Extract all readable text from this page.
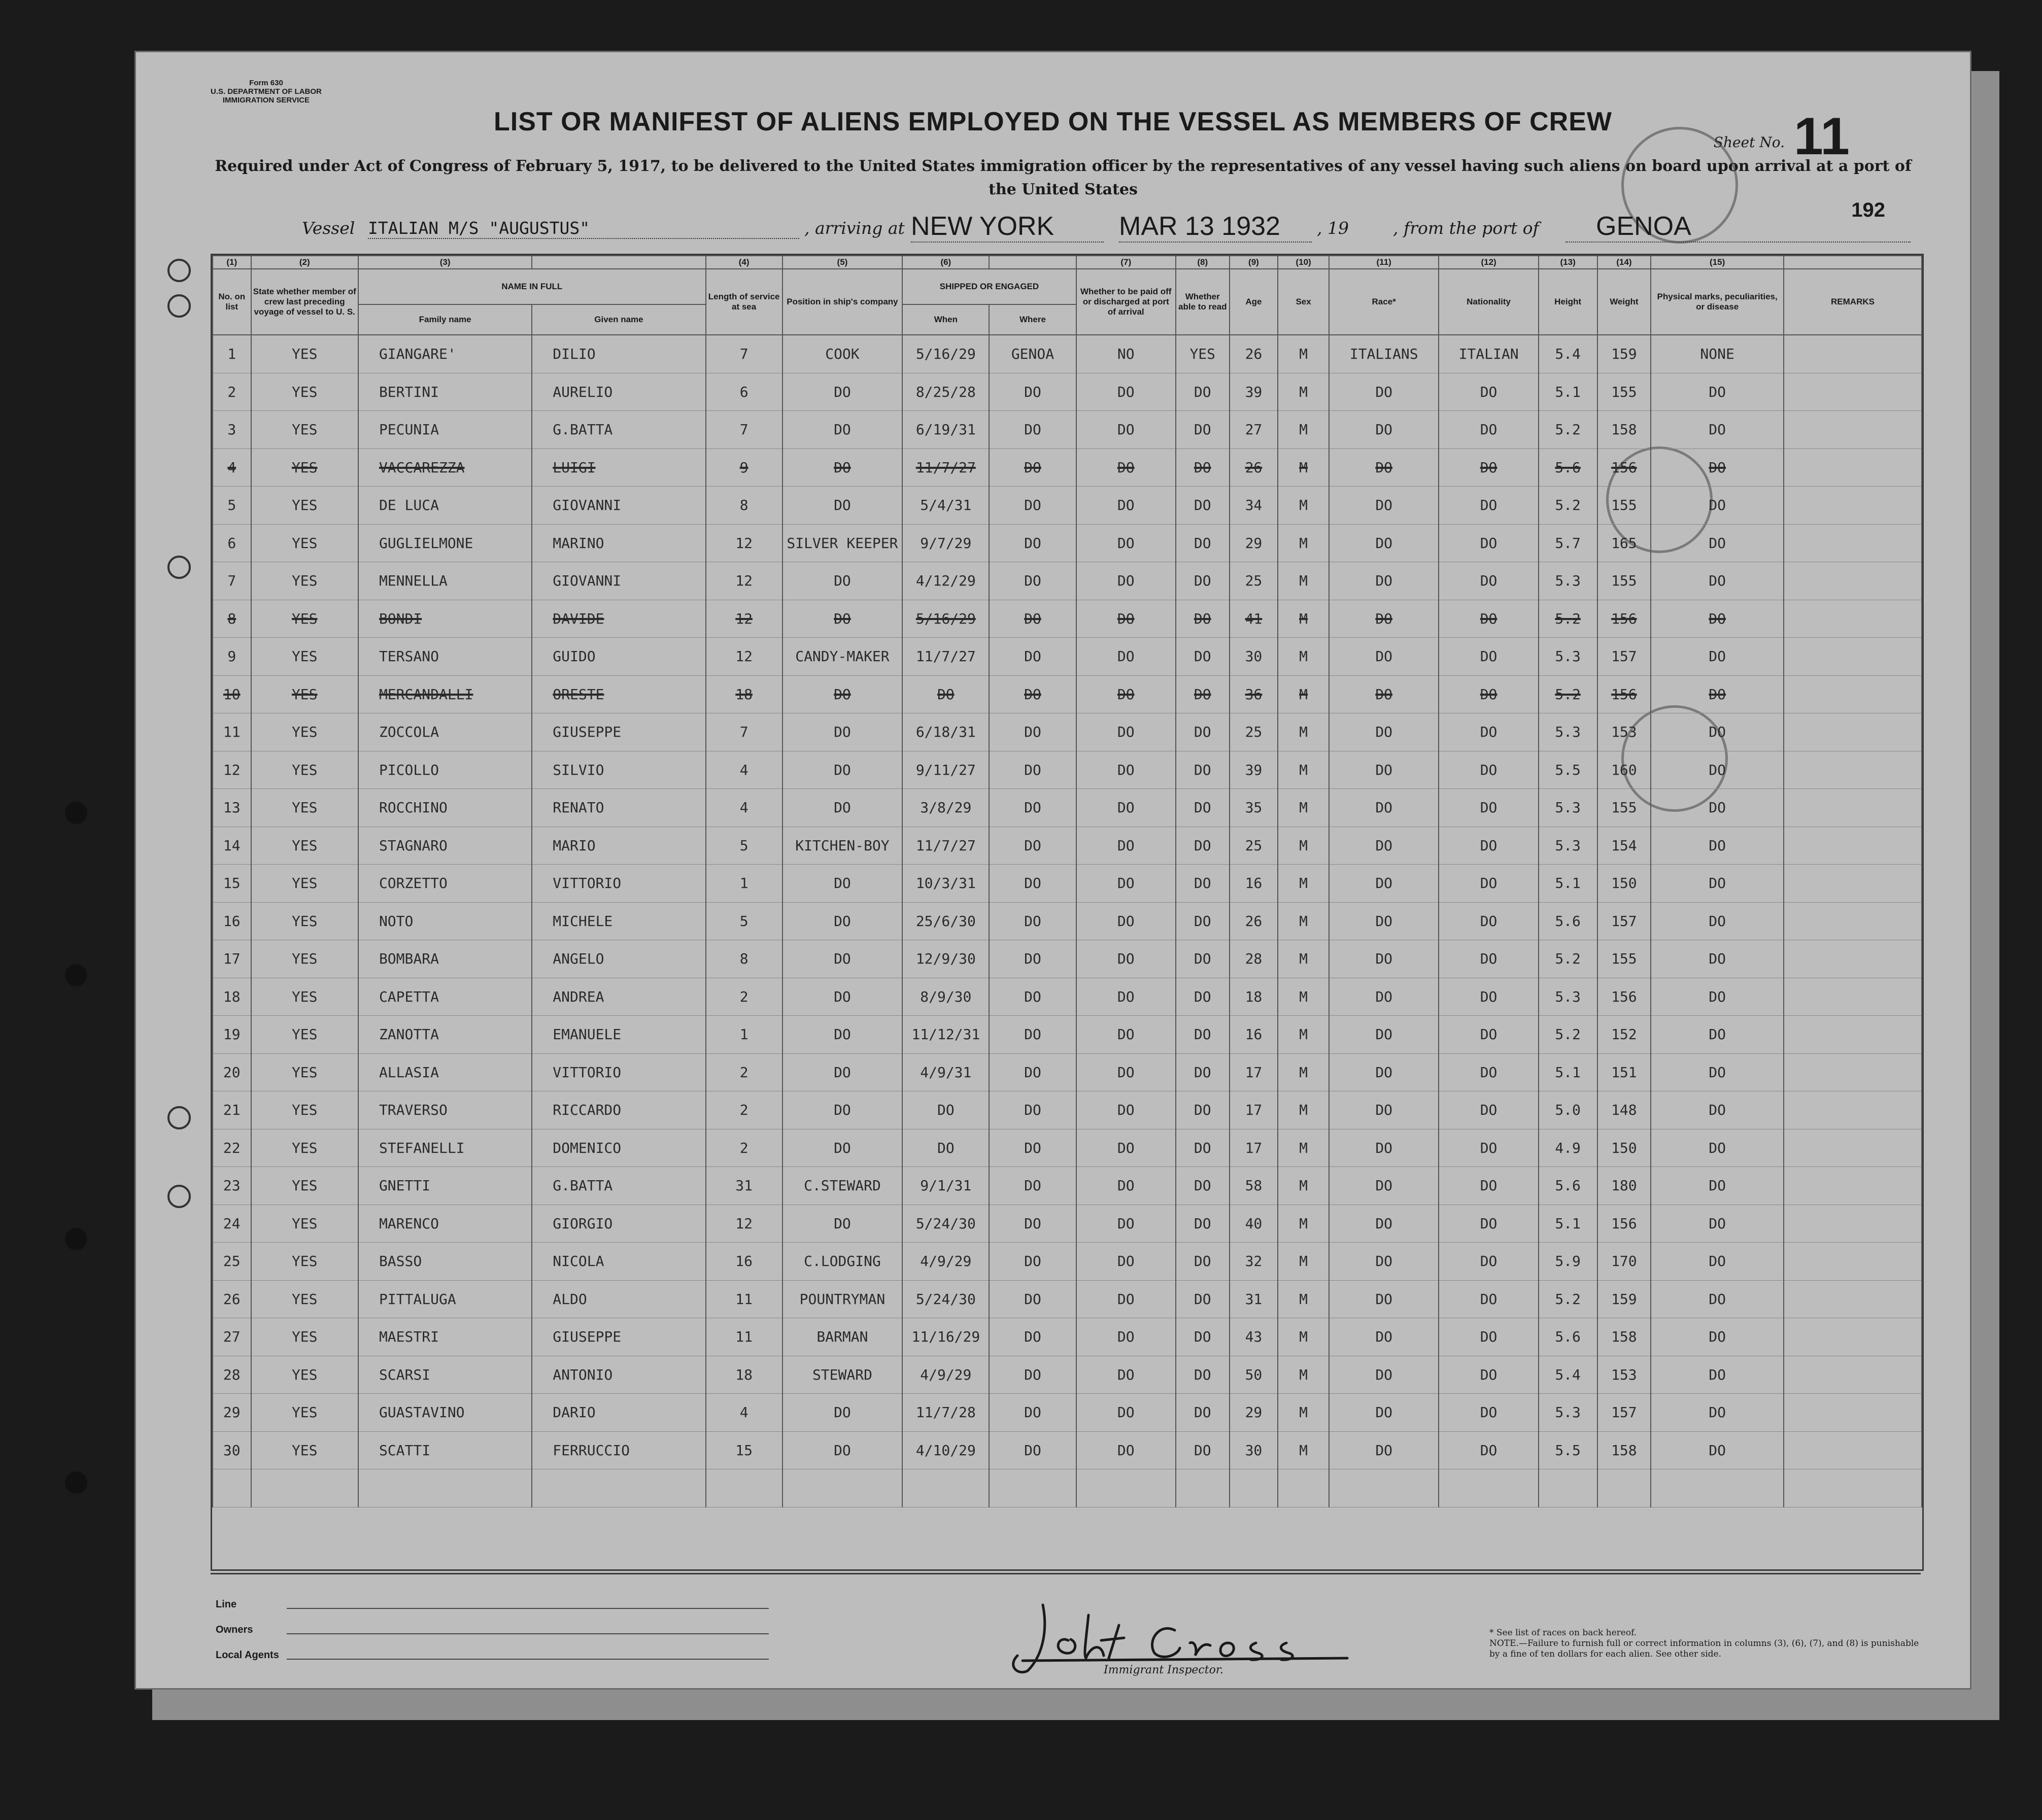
Form 630
U.S. DEPARTMENT OF LABOR
IMMIGRATION SERVICE
LIST OR MANIFEST OF ALIENS EMPLOYED ON THE VESSEL AS MEMBERS OF CREW
Sheet No. 11
Required under Act of Congress of February 5, 1917, to be delivered to the United States immigration officer by the representatives of any vessel having such aliens on board upon arrival at a port of the United States
192
Vessel ITALIAN M/S "AUGUSTUS"	, arriving at NEW YORK	MAR 13 1932	, 19	, from the port of	GENOA
(1)	(2)	(3)		(4)	(5)	(6)		(7)	(8)	(9)	(10)	(11)	(12)	(13)	(14)	(15)	
No. on list	State whether member of crew last preceding voyage of vessel to U. S.	NAME IN FULL		Length of service at sea	Position in ship's company	SHIPPED OR ENGAGED		Whether to be paid off or discharged at port of arrival	Whether able to read	Age	Sex	Race*	Nationality	Height	Weight	Physical marks, peculiarities, or disease	REMARKS
		Family name	Given name			When	Where										
1	YES	GIANGARE'	DILIO	7	COOK	5/16/29	GENOA	NO	YES	26	M	ITALIANS	ITALIAN	5.4	159	NONE	
2	YES	BERTINI	AURELIO	6	DO	8/25/28	DO	DO	DO	39	M	DO	DO	5.1	155	DO	
3	YES	PECUNIA	G.BATTA	7	DO	6/19/31	DO	DO	DO	27	M	DO	DO	5.2	158	DO	
4	YES	VACCAREZZA	LUIGI	9	DO	11/7/27	DO	DO	DO	26	M	DO	DO	5.6	156	DO	
5	YES	DE LUCA	GIOVANNI	8	DO	5/4/31	DO	DO	DO	34	M	DO	DO	5.2	155	DO	
6	YES	GUGLIELMONE	MARINO	12	SILVER KEEPER	9/7/29	DO	DO	DO	29	M	DO	DO	5.7	165	DO	
7	YES	MENNELLA	GIOVANNI	12	DO	4/12/29	DO	DO	DO	25	M	DO	DO	5.3	155	DO	
8	YES	BONDI	DAVIDE	12	DO	5/16/29	DO	DO	DO	41	M	DO	DO	5.2	156	DO	
9	YES	TERSANO	GUIDO	12	CANDY-MAKER	11/7/27	DO	DO	DO	30	M	DO	DO	5.3	157	DO	
10	YES	MERCANDALLI	ORESTE	18	DO	DO	DO	DO	DO	36	M	DO	DO	5.2	156	DO	
11	YES	ZOCCOLA	GIUSEPPE	7	DO	6/18/31	DO	DO	DO	25	M	DO	DO	5.3	153	DO	
12	YES	PICOLLO	SILVIO	4	DO	9/11/27	DO	DO	DO	39	M	DO	DO	5.5	160	DO	
13	YES	ROCCHINO	RENATO	4	DO	3/8/29	DO	DO	DO	35	M	DO	DO	5.3	155	DO	
14	YES	STAGNARO	MARIO	5	KITCHEN-BOY	11/7/27	DO	DO	DO	25	M	DO	DO	5.3	154	DO	
15	YES	CORZETTO	VITTORIO	1	DO	10/3/31	DO	DO	DO	16	M	DO	DO	5.1	150	DO	
16	YES	NOTO	MICHELE	5	DO	25/6/30	DO	DO	DO	26	M	DO	DO	5.6	157	DO	
17	YES	BOMBARA	ANGELO	8	DO	12/9/30	DO	DO	DO	28	M	DO	DO	5.2	155	DO	
18	YES	CAPETTA	ANDREA	2	DO	8/9/30	DO	DO	DO	18	M	DO	DO	5.3	156	DO	
19	YES	ZANOTTA	EMANUELE	1	DO	11/12/31	DO	DO	DO	16	M	DO	DO	5.2	152	DO	
20	YES	ALLASIA	VITTORIO	2	DO	4/9/31	DO	DO	DO	17	M	DO	DO	5.1	151	DO	
21	YES	TRAVERSO	RICCARDO	2	DO	DO	DO	DO	DO	17	M	DO	DO	5.0	148	DO	
22	YES	STEFANELLI	DOMENICO	2	DO	DO	DO	DO	DO	17	M	DO	DO	4.9	150	DO	
23	YES	GNETTI	G.BATTA	31	C.STEWARD	9/1/31	DO	DO	DO	58	M	DO	DO	5.6	180	DO	
24	YES	MARENCO	GIORGIO	12	DO	5/24/30	DO	DO	DO	40	M	DO	DO	5.1	156	DO	
25	YES	BASSO	NICOLA	16	C.LODGING	4/9/29	DO	DO	DO	32	M	DO	DO	5.9	170	DO	
26	YES	PITTALUGA	ALDO	11	POUNTRYMAN	5/24/30	DO	DO	DO	31	M	DO	DO	5.2	159	DO	
27	YES	MAESTRI	GIUSEPPE	11	BARMAN	11/16/29	DO	DO	DO	43	M	DO	DO	5.6	158	DO	
28	YES	SCARSI	ANTONIO	18	STEWARD	4/9/29	DO	DO	DO	50	M	DO	DO	5.4	153	DO	
29	YES	GUASTAVINO	DARIO	4	DO	11/7/28	DO	DO	DO	29	M	DO	DO	5.3	157	DO	
30	YES	SCATTI	FERRUCCIO	15	DO	4/10/29	DO	DO	DO	30	M	DO	DO	5.5	158	DO	

Line
Owners
Local Agents
Immigrant Inspector.
* See list of races on back hereof.
NOTE.—Failure to furnish full or correct information in columns (3), (6), (7), and (8) is punishable by a fine of ten dollars for each alien. See other side.
